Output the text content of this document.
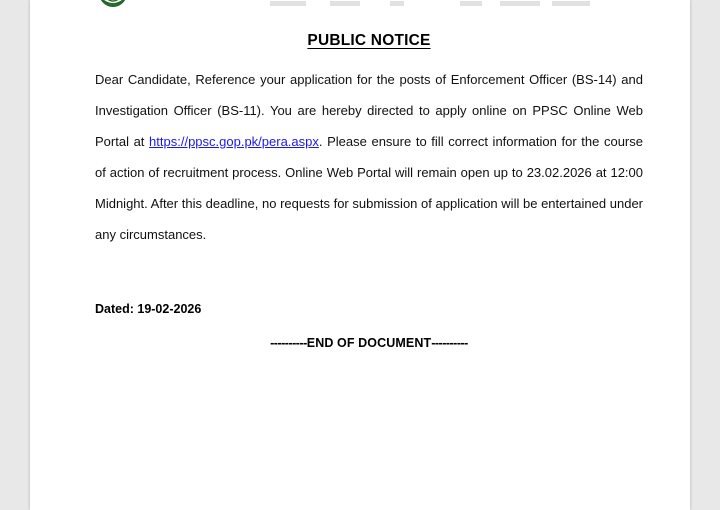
PUBLIC NOTICE

Dear Candidate, Reference your application for the posts of Enforcement Officer (BS-14) and Investigation Officer (BS-11). You are hereby directed to apply online on PPSC Online Web Portal at https://ppsc.gop.pk/pera.aspx. Please ensure to fill correct information for the course of action of recruitment process. Online Web Portal will remain open up to 23.02.2026 at 12:00 Midnight. After this deadline, no requests for submission of application will be entertained under any circumstances.

Dated: 19-02-2026
----------END OF DOCUMENT----------
